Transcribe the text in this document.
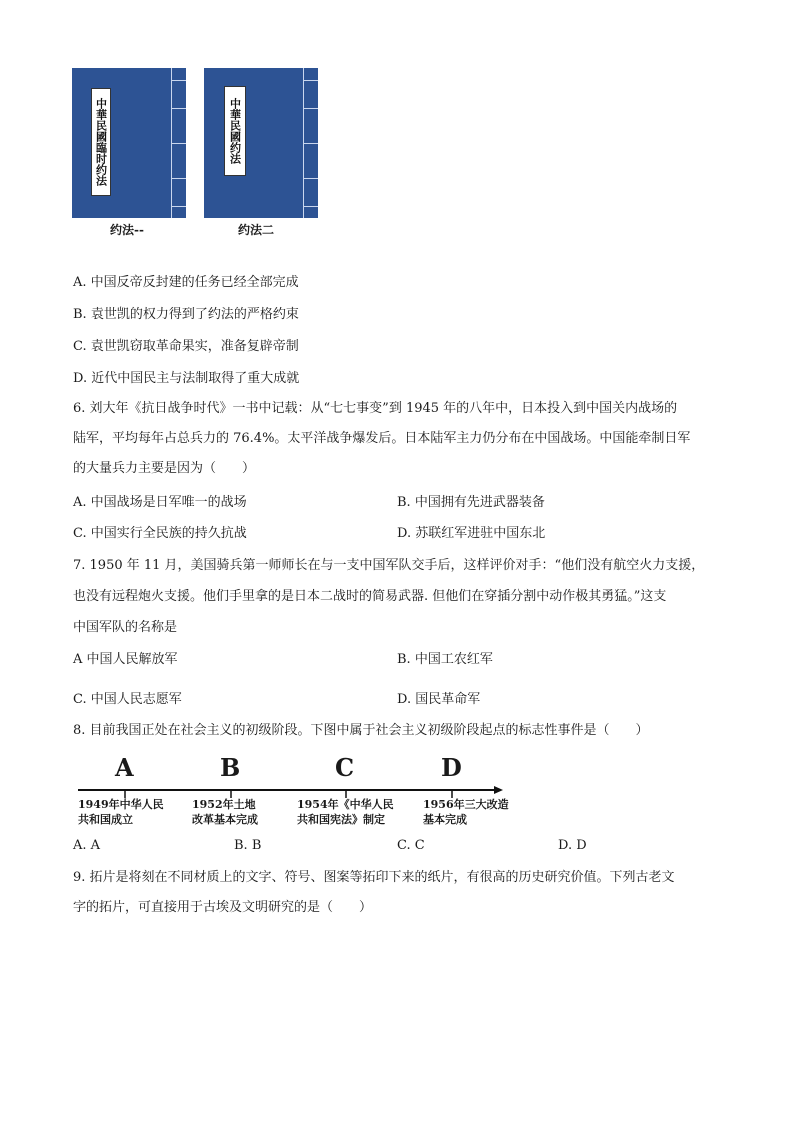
中華民國臨时约法
约法--
中華民國约法
约法二
A. 中国反帝反封建的任务已经全部完成
B. 袁世凯的权力得到了约法的严格约束
C. 袁世凯窃取革命果实，准备复辟帝制
D. 近代中国民主与法制取得了重大成就
6. 刘大年《抗日战争时代》一书中记载：从“七七事变”到 1945 年的八年中，日本投入到中国关内战场的
陆军，平均每年占总兵力的 76.4%。太平洋战争爆发后。日本陆军主力仍分布在中国战场。中国能牵制日军
的大量兵力主要是因为（　　）
A. 中国战场是日军唯一的战场	B. 中国拥有先进武器装备
C. 中国实行全民族的持久抗战	D. 苏联红军进驻中国东北
7. 1950 年 11 月，美国骑兵第一师师长在与一支中国军队交手后，这样评价对手：“他们没有航空火力支援，
也没有远程炮火支援。他们手里拿的是日本二战时的简易武器. 但他们在穿插分割中动作极其勇猛。”这支
中国军队的名称是
A 中国人民解放军	B. 中国工农红军
C. 中国人民志愿军	D. 国民革命军
8. 目前我国正处在社会主义的初级阶段。下图中属于社会主义初级阶段起点的标志性事件是（　　）
A	B	C	D
1949年中华人民
共和国成立
1952年土地
改革基本完成
1954年《中华人民
共和国宪法》制定
1956年三大改造
基本完成
A. A	B. B	C. C	D. D
9. 拓片是将刻在不同材质上的文字、符号、图案等拓印下来的纸片，有很高的历史研究价值。下列古老文
字的拓片，可直接用于古埃及文明研究的是（　　）
